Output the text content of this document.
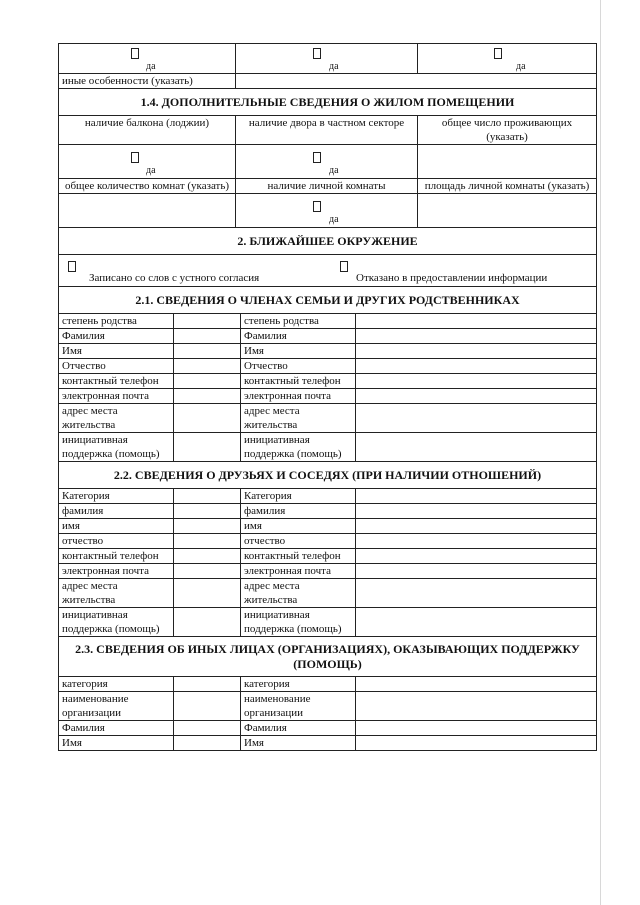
да		да			да

иные особенности (указать)					
1.4. ДОПОЛНИТЕЛЬНЫЕ СВЕДЕНИЯ О ЖИЛОМ ПОМЕЩЕНИИ					
наличие балкона (лоджии)		наличие двора в частном секторе			общее число проживающих (указать)

да		да			

общее количество комнат (указать)		наличие личной комнаты			площадь личной комнаты (указать)

		да			

2. БЛИЖАЙШЕЕ ОКРУЖЕНИЕ					

Записано со слов с устного согласия Отказано в предоставлении информации					

2.1. СВЕДЕНИЯ О ЧЛЕНАХ СЕМЬИ И ДРУГИХ РОДСТВЕННИКАХ					
степень родства			степень родства		
Фамилия			Фамилия		
Имя			Имя		
Отчество			Отчество		
контактный телефон			контактный телефон		
электронная почта			электронная почта		
адрес места жительства			адрес места жительства		
инициативная поддержка (помощь)			инициативная поддержка (помощь)		
2.2. СВЕДЕНИЯ О ДРУЗЬЯХ И СОСЕДЯХ (ПРИ НАЛИЧИИ ОТНОШЕНИЙ)					
Категория			Категория		
фамилия			фамилия		
имя			имя		
отчество			отчество		
контактный телефон			контактный телефон		
электронная почта			электронная почта		
адрес места жительства			адрес места жительства		
инициативная поддержка (помощь)			инициативная поддержка (помощь)		
2.3. СВЕДЕНИЯ ОБ ИНЫХ ЛИЦАХ (ОРГАНИЗАЦИЯХ), ОКАЗЫВАЮЩИХ ПОДДЕРЖКУ (ПОМОЩЬ)					
категория			категория		
наименование организации			наименование организации		
Фамилия			Фамилия		
Имя			Имя		
